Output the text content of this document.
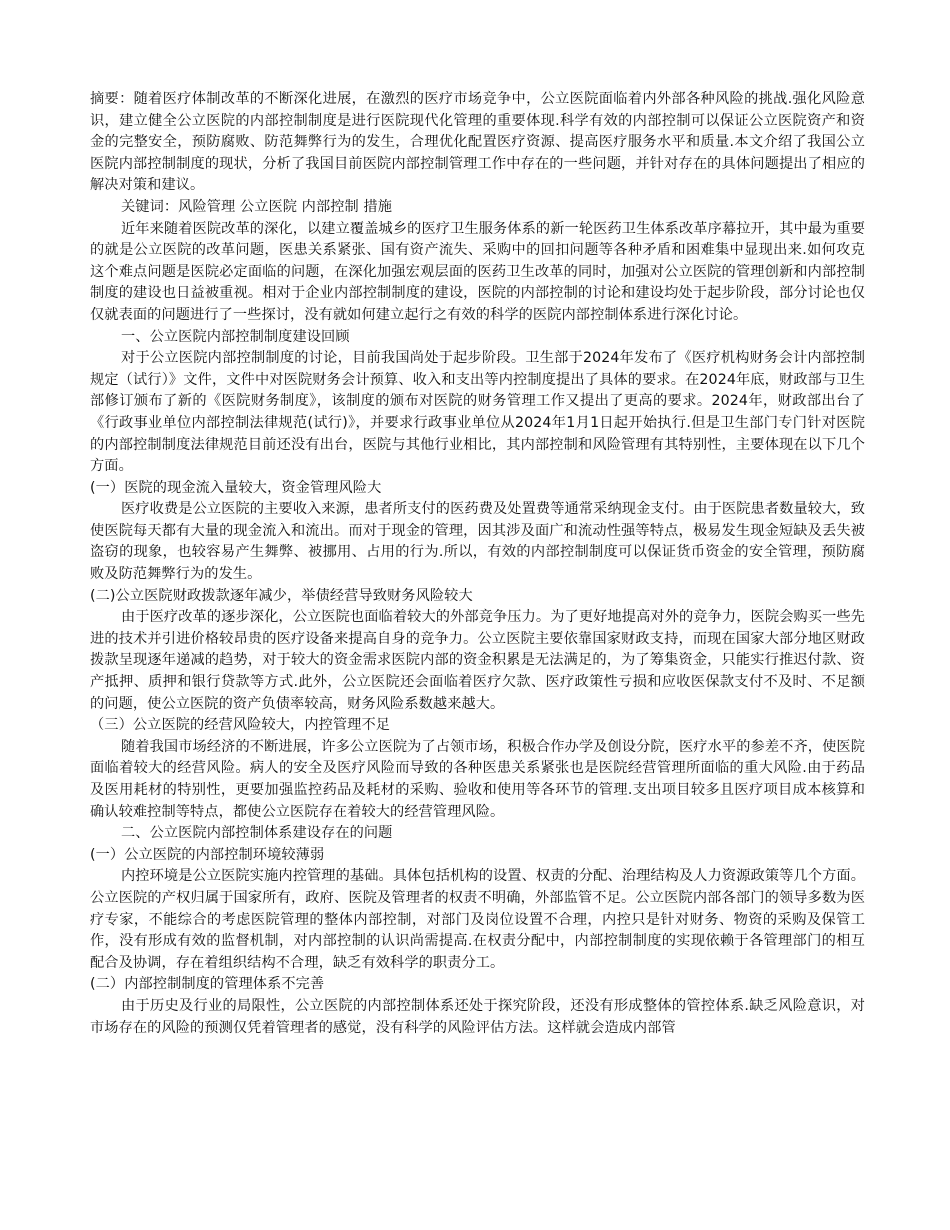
摘要：随着医疗体制改革的不断深化进展，在激烈的医疗市场竞争中，公立医院面临着内外部各种风险的挑战.强化风险意识，建立健全公立医院的内部控制制度是进行医院现代化管理的重要体现.科学有效的内部控制可以保证公立医院资产和资金的完整安全，预防腐败、防范舞弊行为的发生，合理优化配置医疗资源、提高医疗服务水平和质量.本文介绍了我国公立医院内部控制制度的现状，分析了我国目前医院内部控制管理工作中存在的一些问题，并针对存在的具体问题提出了相应的解决对策和建议。

关键词：风险管理 公立医院 内部控制 措施

近年来随着医院改革的深化，以建立覆盖城乡的医疗卫生服务体系的新一轮医药卫生体系改革序幕拉开，其中最为重要的就是公立医院的改革问题，医患关系紧张、国有资产流失、采购中的回扣问题等各种矛盾和困难集中显现出来.如何攻克这个难点问题是医院必定面临的问题，在深化加强宏观层面的医药卫生改革的同时，加强对公立医院的管理创新和内部控制制度的建设也日益被重视。相对于企业内部控制制度的建设，医院的内部控制的讨论和建设均处于起步阶段，部分讨论也仅仅就表面的问题进行了一些探讨，没有就如何建立起行之有效的科学的医院内部控制体系进行深化讨论。

一、公立医院内部控制制度建设回顾

对于公立医院内部控制制度的讨论，目前我国尚处于起步阶段。卫生部于2024年发布了《医疗机构财务会计内部控制规定（试行）》文件，文件中对医院财务会计预算、收入和支出等内控制度提出了具体的要求。在2024年底，财政部与卫生部修订颁布了新的《医院财务制度》，该制度的颁布对医院的财务管理工作又提出了更高的要求。2024年，财政部出台了《行政事业单位内部控制法律规范(试行)》，并要求行政事业单位从2024年1月1日起开始执行.但是卫生部门专门针对医院的内部控制制度法律规范目前还没有出台，医院与其他行业相比，其内部控制和风险管理有其特别性，主要体现在以下几个方面。

(一）医院的现金流入量较大，资金管理风险大

医疗收费是公立医院的主要收入来源，患者所支付的医药费及处置费等通常采纳现金支付。由于医院患者数量较大，致使医院每天都有大量的现金流入和流出。而对于现金的管理，因其涉及面广和流动性强等特点，极易发生现金短缺及丢失被盗窃的现象，也较容易产生舞弊、被挪用、占用的行为.所以，有效的内部控制制度可以保证货币资金的安全管理，预防腐败及防范舞弊行为的发生。

(二)公立医院财政拨款逐年减少，举债经营导致财务风险较大

由于医疗改革的逐步深化，公立医院也面临着较大的外部竞争压力。为了更好地提高对外的竞争力，医院会购买一些先进的技术并引进价格较昂贵的医疗设备来提高自身的竞争力。公立医院主要依靠国家财政支持，而现在国家大部分地区财政拨款呈现逐年递减的趋势，对于较大的资金需求医院内部的资金积累是无法满足的，为了筹集资金，只能实行推迟付款、资产抵押、质押和银行贷款等方式.此外，公立医院还会面临着医疗欠款、医疗政策性亏损和应收医保款支付不及时、不足额的问题，使公立医院的资产负债率较高，财务风险系数越来越大。

（三）公立医院的经营风险较大，内控管理不足

随着我国市场经济的不断进展，许多公立医院为了占领市场，积极合作办学及创设分院，医疗水平的参差不齐，使医院面临着较大的经营风险。病人的安全及医疗风险而导致的各种医患关系紧张也是医院经营管理所面临的重大风险.由于药品及医用耗材的特别性，更要加强监控药品及耗材的采购、验收和使用等各环节的管理.支出项目较多且医疗项目成本核算和确认较难控制等特点，都使公立医院存在着较大的经营管理风险。

二、公立医院内部控制体系建设存在的问题

(一）公立医院的内部控制环境较薄弱

内控环境是公立医院实施内控管理的基础。具体包括机构的设置、权责的分配、治理结构及人力资源政策等几个方面。公立医院的产权归属于国家所有，政府、医院及管理者的权责不明确，外部监管不足。公立医院内部各部门的领导多数为医疗专家，不能综合的考虑医院管理的整体内部控制，对部门及岗位设置不合理，内控只是针对财务、物资的采购及保管工作，没有形成有效的监督机制，对内部控制的认识尚需提高.在权责分配中，内部控制制度的实现依赖于各管理部门的相互配合及协调，存在着组织结构不合理，缺乏有效科学的职责分工。

(二）内部控制制度的管理体系不完善

由于历史及行业的局限性，公立医院的内部控制体系还处于探究阶段，还没有形成整体的管控体系.缺乏风险意识，对市场存在的风险的预测仅凭着管理者的感觉，没有科学的风险评估方法。这样就会造成内部管
